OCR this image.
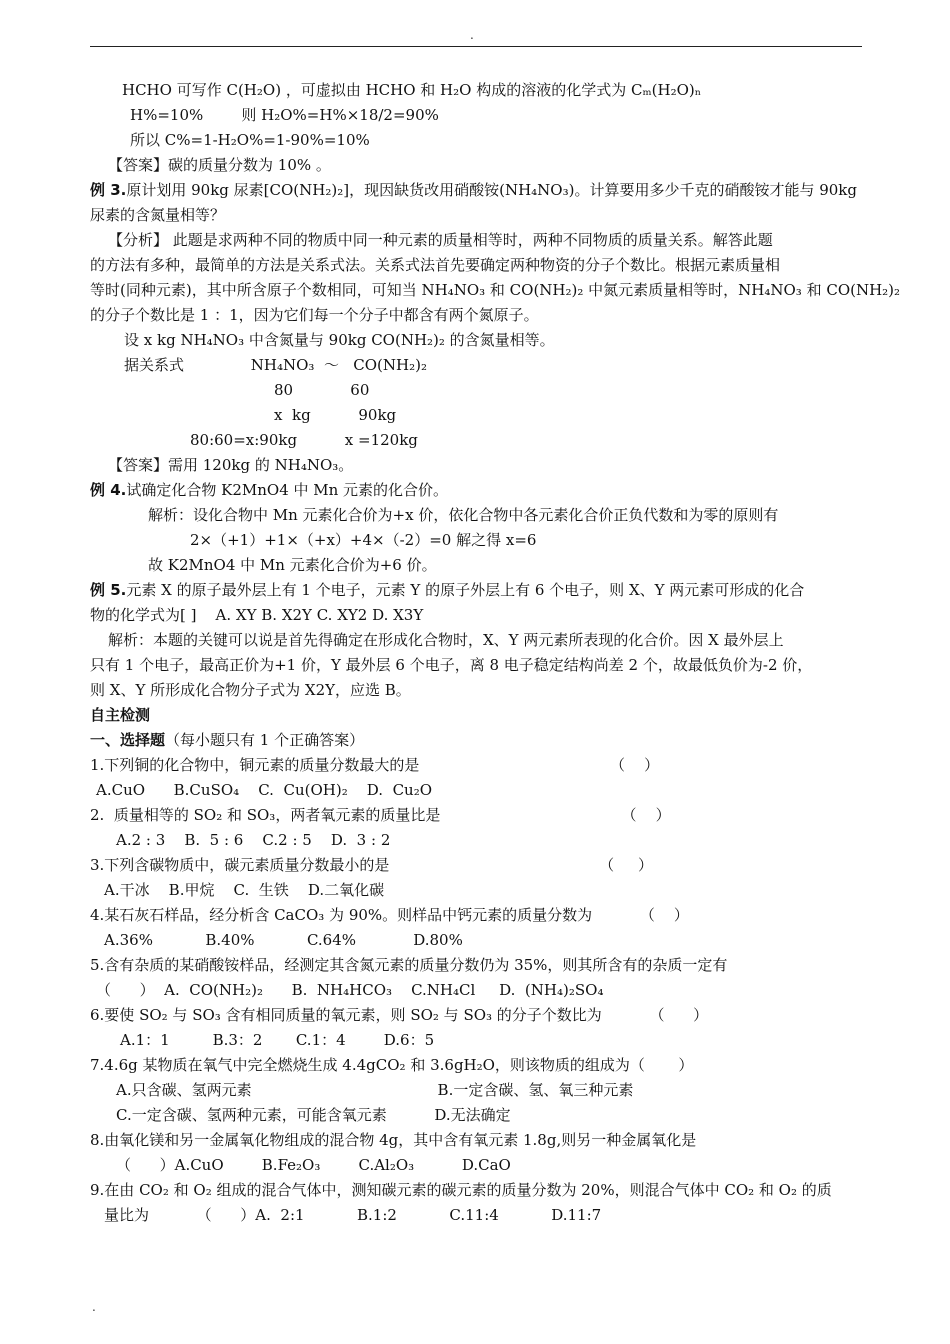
.
HCHO 可写作 C(H₂O) ，可虚拟由 HCHO 和 H₂O 构成的溶液的化学式为 Cₘ(H₂O)ₙ
H%=10%        则 H₂O%=H%×18/2=90%
所以 C%=1-H₂O%=1-90%=10%
【答案】碳的质量分数为 10% 。
例 3.原计划用 90kg 尿素[CO(NH₂)₂]，现因缺货改用硝酸铵(NH₄NO₃)。计算要用多少千克的硝酸铵才能与 90kg
尿素的含氮量相等？
【分析】 此题是求两种不同的物质中同一种元素的质量相等时，两种不同物质的质量关系。解答此题
的方法有多种，最简单的方法是关系式法。关系式法首先要确定两种物资的分子个数比。根据元素质量相
等时(同种元素)，其中所含原子个数相同，可知当 NH₄NO₃ 和 CO(NH₂)₂ 中氮元素质量相等时，NH₄NO₃ 和 CO(NH₂)₂
的分子个数比是 1 ：1，因为它们每一个分子中都含有两个氮原子。
设 x kg NH₄NO₃ 中含氮量与 90kg CO(NH₂)₂ 的含氮量相等。
据关系式              NH₄NO₃  ～   CO(NH₂)₂
80            60
x  kg          90kg
80:60=x:90kg          x =120kg
【答案】需用 120kg 的 NH₄NO₃。
例 4.试确定化合物 K2MnO4 中 Mn 元素的化合价。
解析：设化合物中 Mn 元素化合价为+x 价，依化合物中各元素化合价正负代数和为零的原则有
2×（+1）+1×（+x）+4×（-2）=0 解之得 x=6
故 K2MnO4 中 Mn 元素化合价为+6 价。
例 5.元素 X 的原子最外层上有 1 个电子，元素 Y 的原子外层上有 6 个电子，则 X、Y 两元素可形成的化合
物的化学式为[ ]    A. XY B. X2Y C. XY2 D. X3Y
解析：本题的关键可以说是首先得确定在形成化合物时，X、Y 两元素所表现的化合价。因 X 最外层上
只有 1 个电子，最高正价为+1 价，Y 最外层 6 个电子，离 8 电子稳定结构尚差 2 个，故最低负价为-2 价，
则 X、Y 所形成化合物分子式为 X2Y，应选 B。
自主检测
一、选择题（每小题只有 1 个正确答案）
1.下列铜的化合物中，铜元素的质量分数最大的是                                        （    ）
A.CuO      B.CuSO₄    C.  Cu(OH)₂    D.  Cu₂O
2.  质量相等的 SO₂ 和 SO₃，两者氧元素的质量比是                                      （    ）
A.2 : 3    B.  5 : 6    C.2 : 5    D.  3 : 2
3.下列含碳物质中，碳元素质量分数最小的是                                            （     ）
A.干冰    B.甲烷    C.  生铁    D.二氧化碳
4.某石灰石样品，经分析含 CaCO₃ 为 90%。则样品中钙元素的质量分数为          （    ）
A.36%           B.40%           C.64%            D.80%
5.含有杂质的某硝酸铵样品，经测定其含氮元素的质量分数仍为 35%，则其所含有的杂质一定有
（      ）  A.  CO(NH₂)₂      B.  NH₄HCO₃    C.NH₄Cl     D.  (NH₄)₂SO₄
6.要使 SO₂ 与 SO₃ 含有相同质量的氧元素，则 SO₂ 与 SO₃ 的分子个数比为          （      ）
A.1：1         B.3：2       C.1：4        D.6：5
7.4.6g 某物质在氧气中完全燃烧生成 4.4gCO₂ 和 3.6gH₂O，则该物质的组成为（       ）
A.只含碳、氢两元素                                       B.一定含碳、氢、氧三种元素
C.一定含碳、氢两种元素，可能含氧元素          D.无法确定
8.由氧化镁和另一金属氧化物组成的混合物 4g，其中含有氧元素 1.8g,则另一种金属氧化是
（      ）A.CuO        B.Fe₂O₃        C.Al₂O₃          D.CaO
9.在由 CO₂ 和 O₂ 组成的混合气体中，测知碳元素的碳元素的质量分数为 20%，则混合气体中 CO₂ 和 O₂ 的质
量比为          （      ）A.  2:1           B.1:2           C.11:4           D.11:7
.
